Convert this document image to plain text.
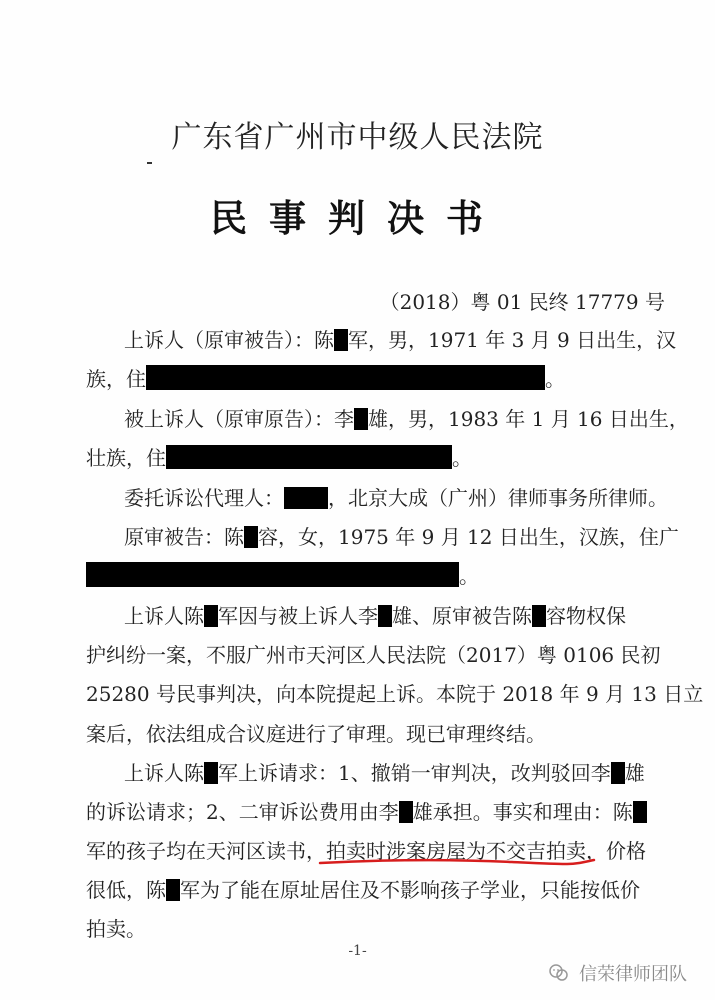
广东省广州市中级人民法院
民事判决书
（2018）粤 01 民终 17779 号
上诉人（原审被告）：陈 军，男，1971 年 3 月 9 日出生，汉
族，住	。
被上诉人（原审原告）：李 雄，男，1983 年 1 月 16 日出生，
壮族，住	。
委托诉讼代理人： ，北京大成（广州）律师事务所律师。
原审被告：陈 容，女，1975 年 9 月 12 日出生，汉族，住广
。
上诉人陈 军因与被上诉人李 雄、原审被告陈 容物权保
护纠纷一案，不服广州市天河区人民法院（2017）粤 0106 民初
25280 号民事判决，向本院提起上诉。本院于 2018 年 9 月 13 日立
案后，依法组成合议庭进行了审理。现已审理终结。
上诉人陈 军上诉请求：1、撤销一审判决，改判驳回李 雄
的诉讼请求；2、二审诉讼费用由李 雄承担。事实和理由：陈
军的孩子均在天河区读书，拍卖时涉案房屋为不交吉拍卖，价格
很低，陈 军为了能在原址居住及不影响孩子学业，只能按低价
拍卖。
-1-
信荣律师团队
